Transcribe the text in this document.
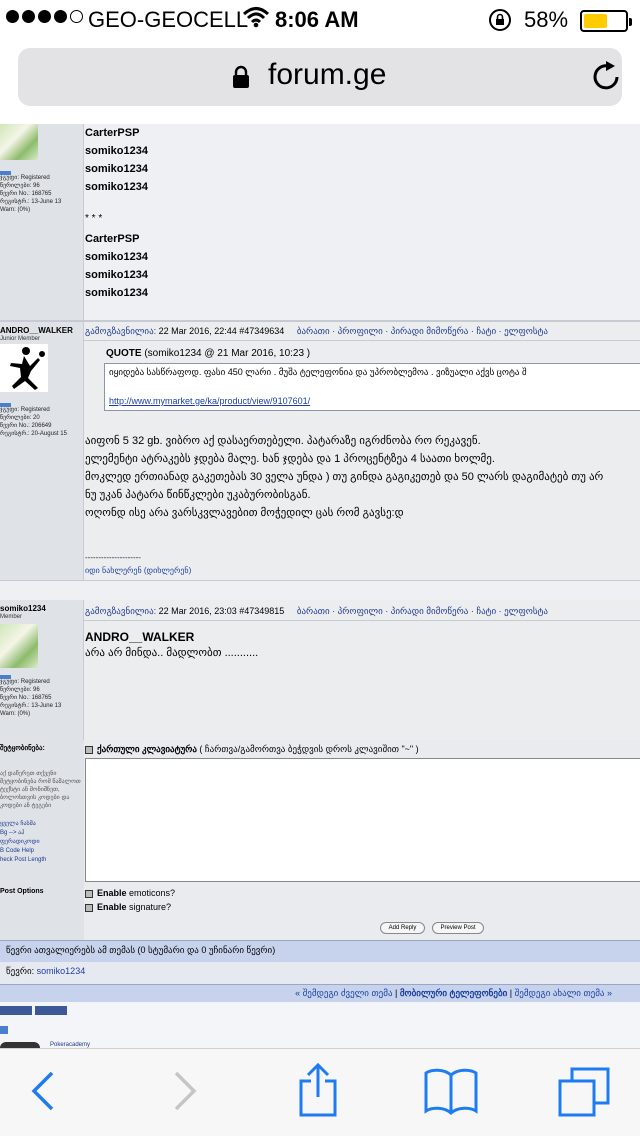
GEO-GEOCELL 8:06 AM	58%
forum.ge
ჯგუფი: Registered
წერილები: 96
წევრი No.: 168765
რეგისტრ.: 13-June 13
Warn: (0%)
CarterPSP
somiko1234
somiko1234
somiko1234
* * *
CarterPSP
somiko1234
somiko1234
somiko1234
ANDRO__WALKER
Junior Member
ჯგუფი: Registered
წერილები: 20
წევრი No.: 206649
რეგისტრ.: 20-August 15
გამოგზავნილია: 22 Mar 2016, 22:44 #47349634 ბარათი · პროფილი · პირადი მიმოწერა · ჩატი · ელფოსტა
QUOTE (somiko1234 @ 21 Mar 2016, 10:23 )
იყიდება სასწრაფოდ. ფასი 450 ლარი . მუშა ტელეფონია და უპრობლემოა . ვიზუალი აქვს ცოტა შ
http://www.mymarket.ge/ka/product/view/9107601/
აიფონ 5 32 gb. ვიბრო აქ დასაერთებელი. პატარაზე იგრძნობა რო რეკავენ.
ელემენტი ატრაკებს ჯდება მალე. ხან ჯდება და 1 პროცენტზეა 4 საათი ხოლმე.
მოკლედ ერთიანად გაკეთებას 30 ველა უნდა ) თუ გინდა გაგიკეთებ და 50 ლარს დაგიმატებ თუ არ
ნუ უკან პატარა წინწკლები უკაბურობისგან.
ოღონდ ისე არა ვარსკვლავებით მოჭედილ ცას რომ გავსე:დ
---------------------
იდი ნახლერენ (დიხლერენ)
somiko1234
Member
ჯგუფი: Registered
წერილები: 96
წევრი No.: 168765
რეგისტრ.: 13-June 13
Warn: (0%)
გამოგზავნილია: 22 Mar 2016, 23:03 #47349815 ბარათი · პროფილი · პირადი მიმოწერა · ჩატი · ელფოსტა
ANDRO__WALKER
არა არ მინდა.. მადლობთ ...........
შეტყობინება:
აქ დაწერეთ თქვენი
შეტყობინება რომ წაშალოთ
ტექსტი ან მონიშნეთ,
ბოლოსთვის კოდები და
კოდები ან ტეგები
ყველა ჩასმა
Bg --> აჰ
ფერადიკოდი
B Code Help
heck Post Length
Post Options
ქართული კლავიატურა ( ჩართვა/გამორთვა ბეჭდვის დროს კლავიშით "~" )
Enable emoticons?
Enable signature?
Add Reply	Preview Post
წევრი ათვალიერებს ამ თემას (0 სტუმარი და 0 უჩინარი წევრი)
წევრი: somiko1234
« შემდეგი ძველი თემა | მობილური ტელეფონები | შემდეგი ახალი თემა »
Pokeracademy
